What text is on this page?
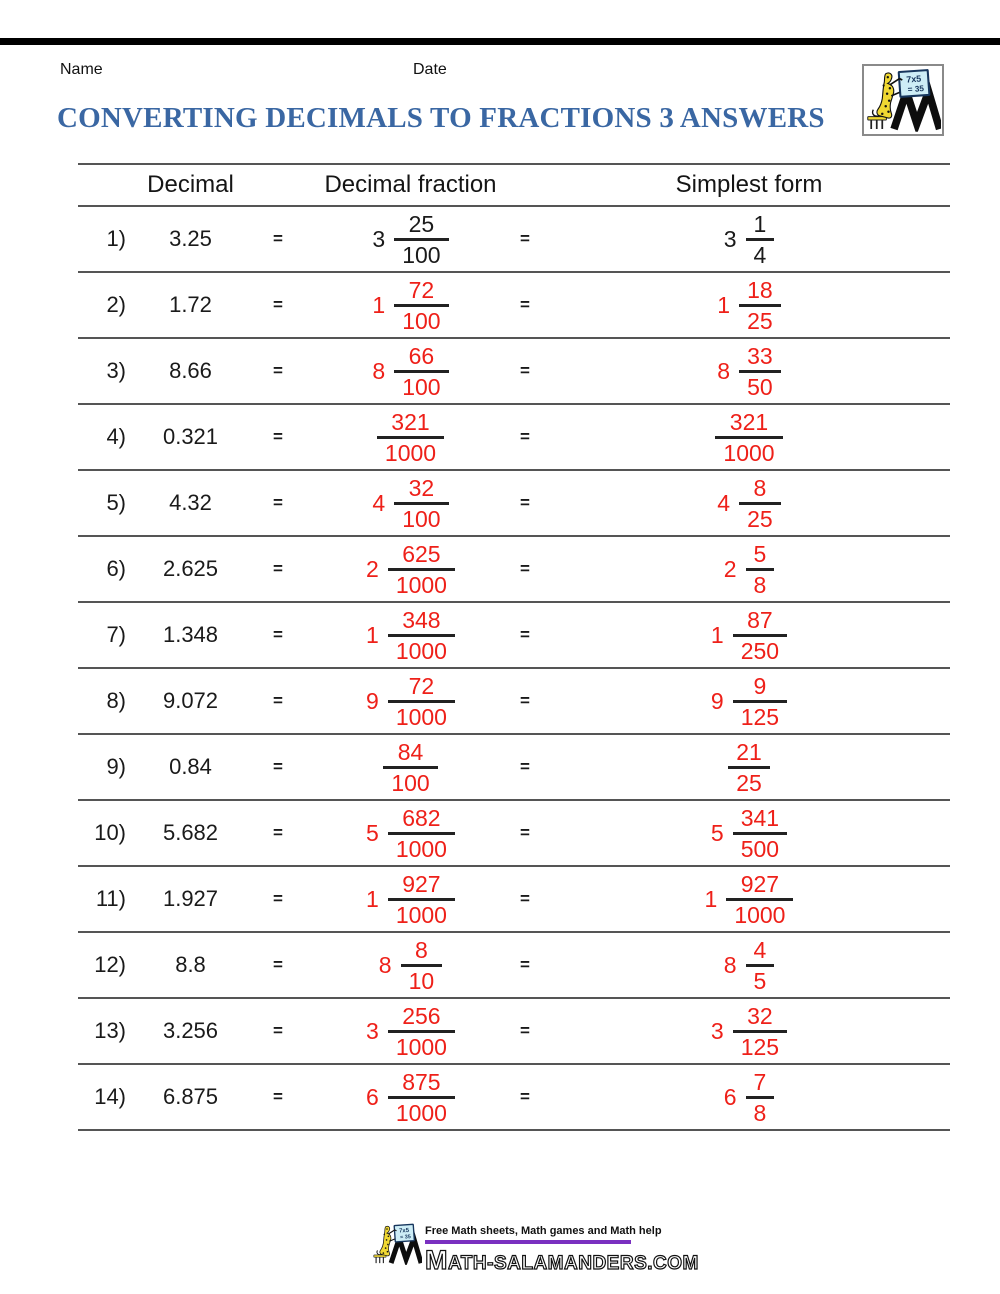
Name	Date
CONVERTING DECIMALS TO FRACTIONS 3 ANSWERS
Decimal	Decimal fraction	Simplest form
1)	3.25	=	$3 \frac{25}{100}$	=	$3 \frac{1}{4}$
2)	1.72	=	$1 \frac{72}{100}$	=	$1 \frac{18}{25}$
3)	8.66	=	$8 \frac{66}{100}$	=	$8 \frac{33}{50}$
4)	0.321	=	$\frac{321}{1000}$	=	$\frac{321}{1000}$
5)	4.32	=	$4 \frac{32}{100}$	=	$4 \frac{8}{25}$
6)	2.625	=	$2 \frac{625}{1000}$	=	$2 \frac{5}{8}$
7)	1.348	=	$1 \frac{348}{1000}$	=	$1 \frac{87}{250}$
8)	9.072	=	$9 \frac{72}{1000}$	=	$9 \frac{9}{125}$
9)	0.84	=	$\frac{84}{100}$	=	$\frac{21}{25}$
10)	5.682	=	$5 \frac{682}{1000}$	=	$5 \frac{341}{500}$
11)	1.927	=	$1 \frac{927}{1000}$	=	$1 \frac{927}{1000}$
12)	8.8	=	$8 \frac{8}{10}$	=	$8 \frac{4}{5}$
13)	3.256	=	$3 \frac{256}{1000}$	=	$3 \frac{32}{125}$
14)	6.875	=	$6 \frac{875}{1000}$	=	$6 \frac{7}{8}$
Free Math sheets, Math games and Math help
MATH-SALAMANDERS.COM
